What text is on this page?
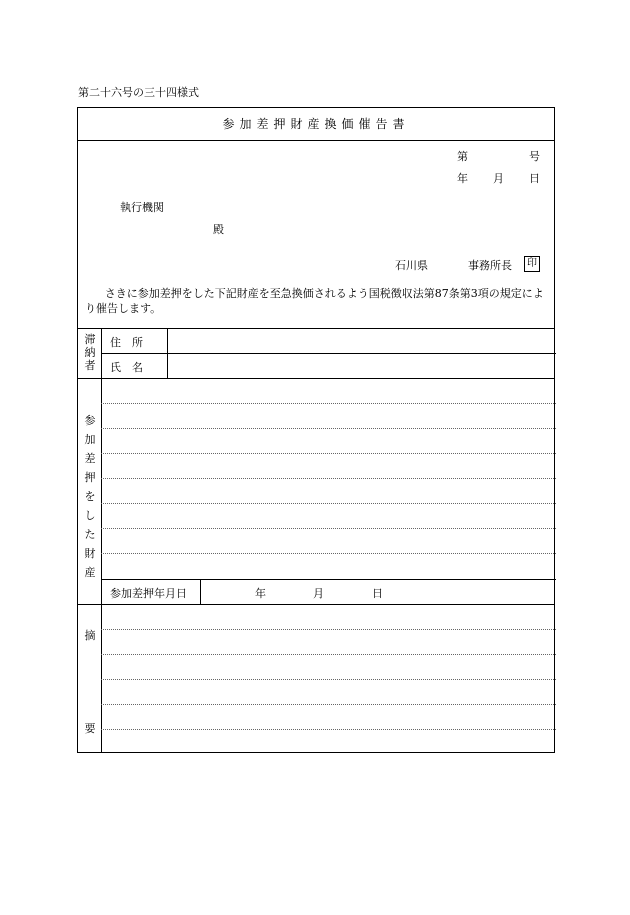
第二十六号の三十四様式
参加差押財産換価催告書
第	号
年 月 日
執行機関
殿
石川県	事務所長	印
さきに参加差押をした下記財産を至急換価されるよう国税徴収法第87条第3項の規定により催告します。
滞
納
者
住　所
氏　名
参
加
差
押
を
し
た
財
産
参加差押年月日	年	月	日
摘
要
